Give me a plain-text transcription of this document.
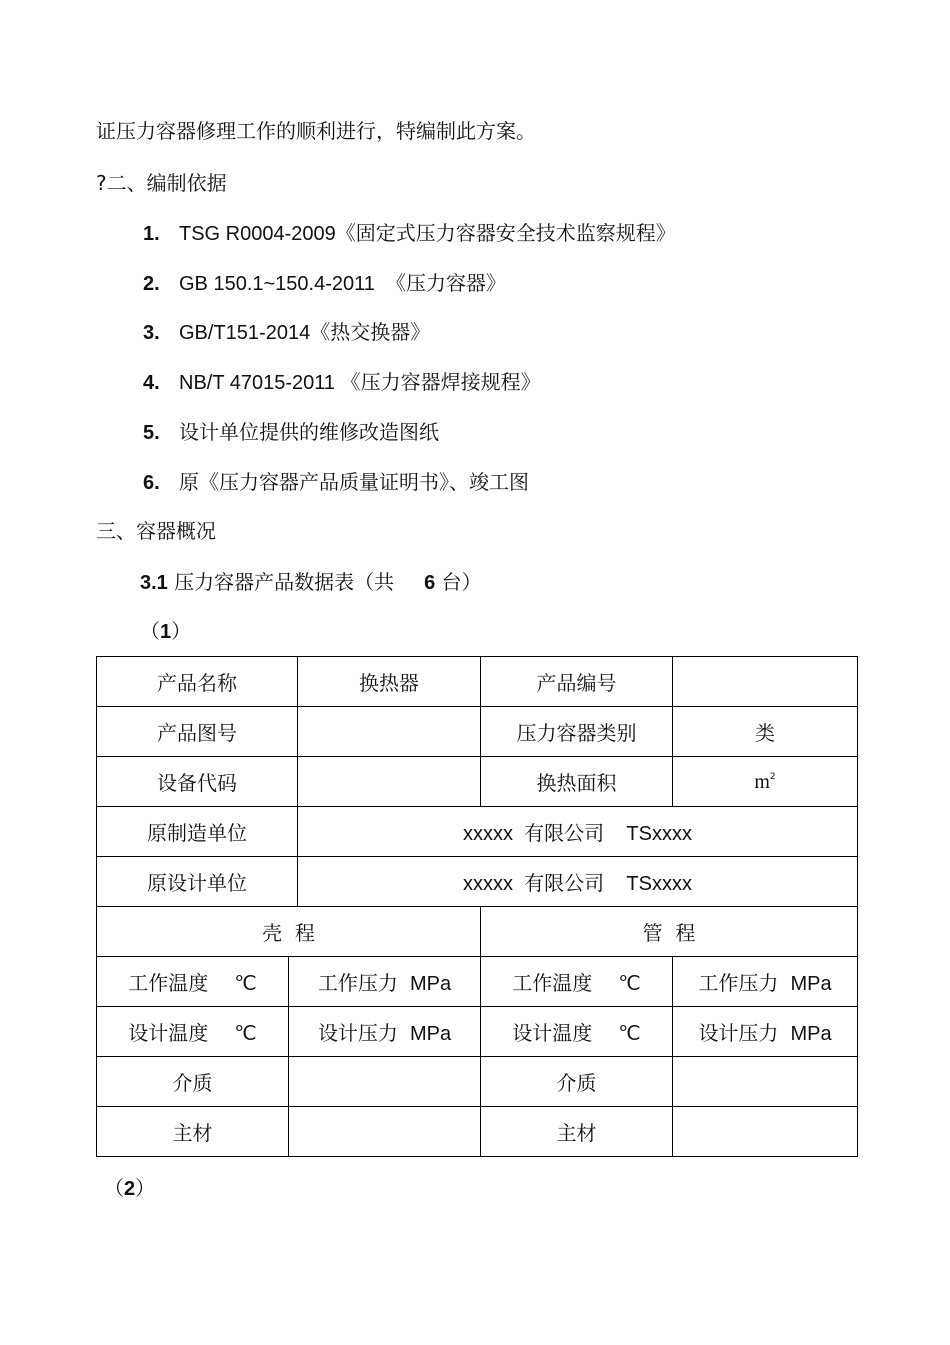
证压力容器修理工作的顺利进行，特编制此方案。
?二、编制依据
1. TSG R0004-2009《固定式压力容器安全技术监察规程》
2. GB 150.1~150.4-2011  《压力容器》
3. GB/T151-2014《热交换器》
4. NB/T 47015-2011 《压力容器焊接规程》
5. 设计单位提供的维修改造图纸
6. 原《压力容器产品质量证明书》、竣工图
三、容器概况
3.1 压力容器产品数据表（共 6 台）
（1）
产品名称		换热器	产品编号	
产品图号			压力容器类别	类
设备代码			换热面积	$m^2$
原制造单位		xxxxx  有限公司    TSxxxx		
原设计单位		xxxxx  有限公司    TSxxxx		
壳  程			管  程	
工作温度 ℃	工作压力 MPa		工作温度 ℃	工作压力 MPa
设计温度 ℃	设计压力 MPa		设计温度 ℃	设计压力 MPa
介质			介质	
主材			主材	
（2）
